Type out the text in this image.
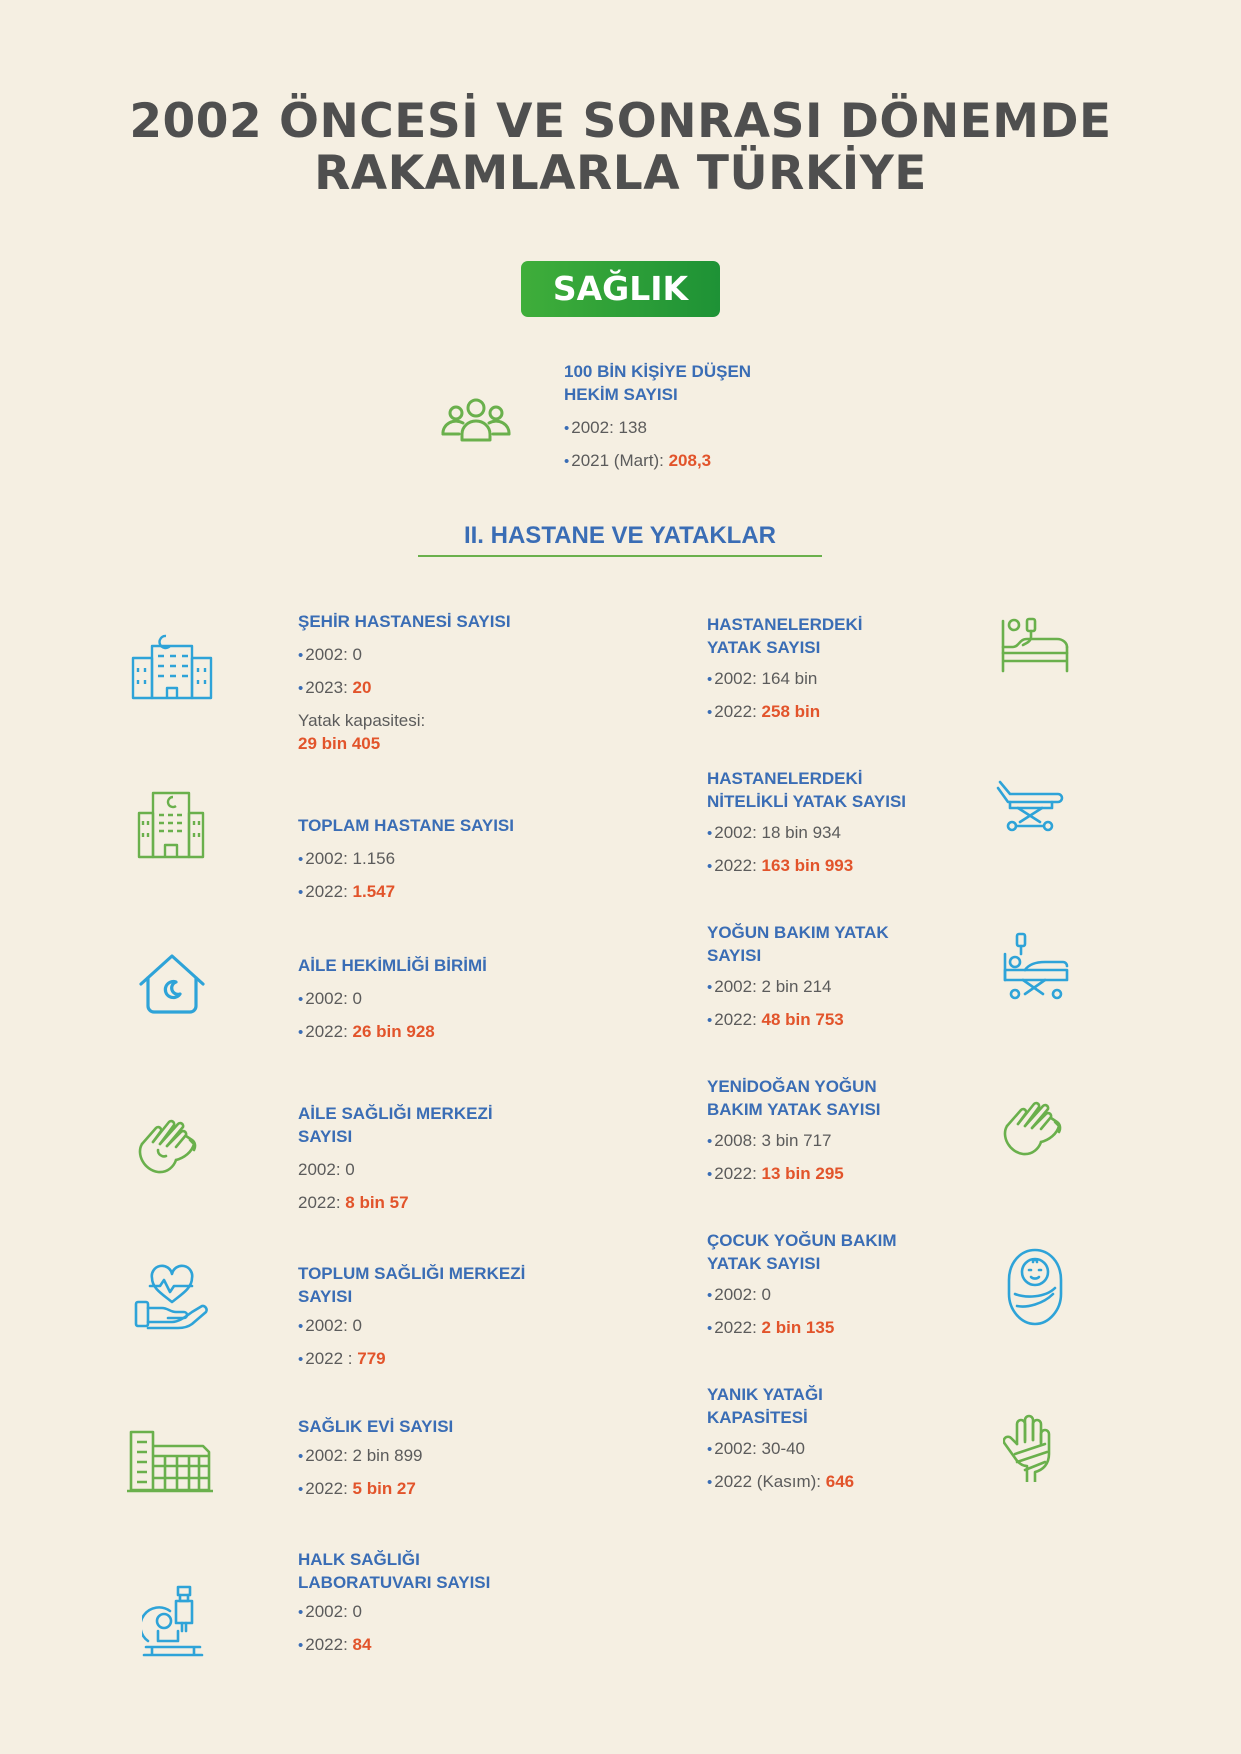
2002 ÖNCESİ VE SONRASI DÖNEMDE
RAKAMLARLA TÜRKİYE
SAĞLIK
100 BİN KİŞİYE DÜŞEN
HEKİM SAYISI
• 2002: 138
• 2021 (Mart): 208,3
II. HASTANE VE YATAKLAR
ŞEHİR HASTANESİ SAYISI
• 2002: 0
• 2023: 20
Yatak kapasitesi:
29 bin 405
TOPLAM HASTANE SAYISI
• 2002: 1.156
• 2022: 1.547
AİLE HEKİMLİĞİ BİRİMİ
• 2002: 0
• 2022: 26 bin 928
AİLE SAĞLIĞI MERKEZİ
SAYISI
2002: 0
2022: 8 bin 57
TOPLUM SAĞLIĞI MERKEZİ
SAYISI
• 2002: 0
• 2022 : 779
SAĞLIK EVİ SAYISI
• 2002: 2 bin 899
• 2022: 5 bin 27
HALK SAĞLIĞI
LABORATUVARI SAYISI
• 2002: 0
• 2022: 84
HASTANELERDEKİ
YATAK SAYISI
• 2002: 164 bin
• 2022: 258 bin
HASTANELERDEKİ
NİTELİKLİ YATAK SAYISI
• 2002: 18 bin 934
• 2022: 163 bin 993
YOĞUN BAKIM YATAK
SAYISI
• 2002: 2 bin 214
• 2022: 48 bin 753
YENİDOĞAN YOĞUN
BAKIM YATAK SAYISI
• 2008: 3 bin 717
• 2022: 13 bin 295
ÇOCUK YOĞUN BAKIM
YATAK SAYISI
• 2002: 0
• 2022: 2 bin 135
YANIK YATAĞI
KAPASİTESİ
• 2002: 30-40
• 2022 (Kasım): 646
